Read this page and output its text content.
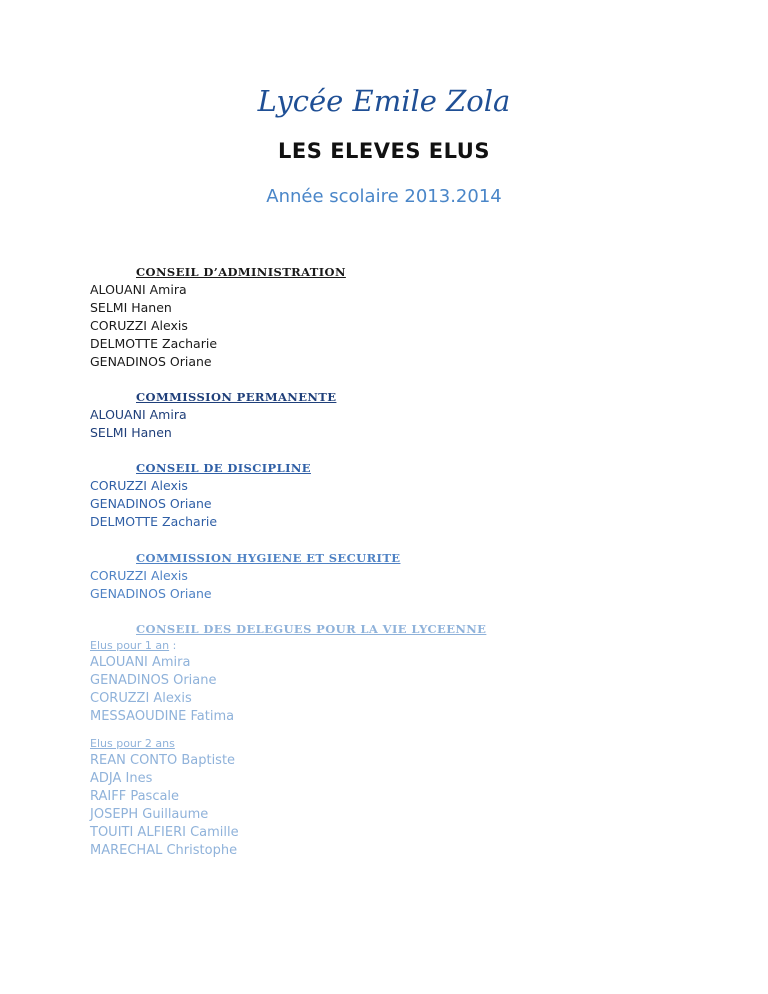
Lycée Emile Zola
LES ELEVES ELUS
Année scolaire 2013.2014
CONSEIL D’ADMINISTRATION
ALOUANI Amira
SELMI Hanen
CORUZZI Alexis
DELMOTTE Zacharie
GENADINOS Oriane
COMMISSION PERMANENTE
ALOUANI Amira
SELMI Hanen
CONSEIL DE DISCIPLINE
CORUZZI Alexis
GENADINOS Oriane
DELMOTTE Zacharie
COMMISSION HYGIENE ET SECURITE
CORUZZI Alexis
GENADINOS Oriane
CONSEIL DES DELEGUES POUR LA VIE LYCEENNE
Elus pour 1 an :
ALOUANI Amira
GENADINOS Oriane
CORUZZI Alexis
MESSAOUDINE Fatima
Elus pour 2 ans
REAN CONTO Baptiste
ADJA Ines
RAIFF Pascale
JOSEPH Guillaume
TOUITI ALFIERI Camille
MARECHAL Christophe
